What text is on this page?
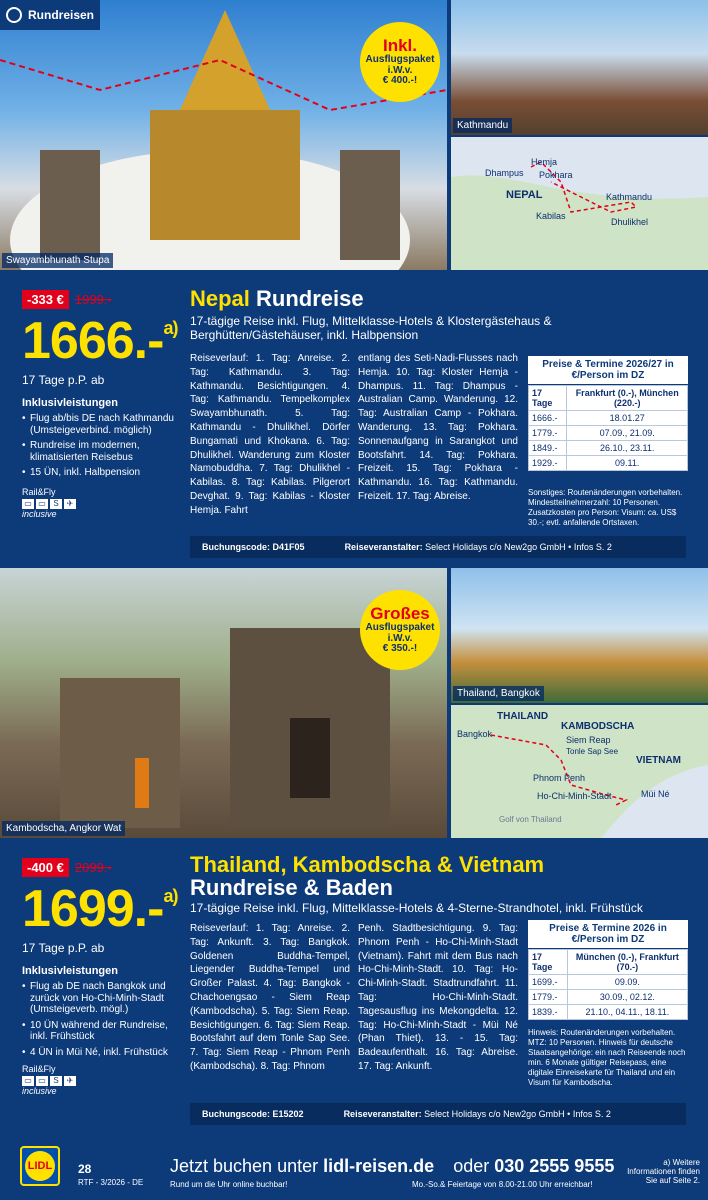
Rundreisen
Swayambhunath Stupa
Inkl.
Ausflugspaket
i.W.v.
€ 400.-!
Kathmandu
Hemja
Dhampus Pokhara
NEPAL	Kathmandu
Kabilas
Dhulikhel
-333 € 1999.-
1666.-$^{a)}$
17 Tage p.P. ab
Inklusivleistungen
• Flug ab/bis DE nach Kathmandu (Umsteigeverbind. möglich)
• Rundreise im modernen, klimatisierten Reisebus
• 15 ÜN, inkl. Halbpension
Rail&Fly
▭ ▭ S ✈
inclusive
Nepal Rundreise
17-tägige Reise inkl. Flug, Mittelklasse-Hotels & Klostergästehaus & Berghütten/Gästehäuser, inkl. Halbpension
Reiseverlauf: 1. Tag: Anreise. 2. Tag: Kathmandu. 3. Tag: Kathmandu. Besichtigungen. 4. Tag: Kathmandu. Tempelkomplex Swayambhunath. 5. Tag: Kathmandu - Dhulikhel. Dörfer Bungamati und Khokana. 6. Tag: Dhulikhel. Wanderung zum Kloster Namobuddha. 7. Tag: Dhulikhel - Kabilas. 8. Tag: Kabilas. Pilgerort Devghat. 9. Tag: Kabilas - Kloster Hemja. Fahrt
entlang des Seti-Nadi-Flusses nach Hemja. 10. Tag: Kloster Hemja - Dhampus. 11. Tag: Dhampus - Australian Camp. Wanderung. 12. Tag: Australian Camp - Pokhara. Wanderung. 13. Tag: Pokhara. Sonnenaufgang in Sarangkot und Bootsfahrt. 14. Tag: Pokhara. Freizeit. 15. Tag: Pokhara - Kathmandu. 16. Tag: Kathmandu. Freizeit. 17. Tag: Abreise.
Preise & Termine 2026/27 in €/Person im DZ
17 Tage	Frankfurt (0.-), München (220.-)
1666.-	18.01.27
1779.-	07.09., 21.09.
1849.-	26.10., 23.11.
1929.-	09.11.
Sonstiges: Routenänderungen vorbehalten. Mindestteilnehmerzahl: 10 Personen. Zusatzkosten pro Person: Visum: ca. US$ 30.-; evtl. anfallende Ortstaxen.
Buchungscode: D41F05	Reiseveranstalter: Select Holidays c/o New2go GmbH • Infos S. 2
Kambodscha, Angkor Wat
Großes
Ausflugspaket
i.W.v.
€ 350.-!
Thailand, Bangkok
THAILAND
Bangkok
KAMBODSCHA
Siem Reap
Tonle Sap See
VIETNAM
Phnom Penh
Ho-Chi-Minh-Stadt	Müi Né
Golf von Thailand
-400 € 2099.-
1699.-$^{a)}$
17 Tage p.P. ab
Inklusivleistungen
• Flug ab DE nach Bangkok und zurück von Ho-Chi-Minh-Stadt (Umsteigeverb. mögl.)
• 10 ÜN während der Rundreise, inkl. Frühstück
• 4 ÜN in Müi Né, inkl. Frühstück
Rail&Fly
▭ ▭ S ✈
inclusive
Thailand, Kambodscha & Vietnam
Rundreise & Baden
17-tägige Reise inkl. Flug, Mittelklasse-Hotels & 4-Sterne-Strandhotel, inkl. Frühstück
Reiseverlauf: 1. Tag: Anreise. 2. Tag: Ankunft. 3. Tag: Bangkok. Goldenen Buddha-Tempel, Liegender Buddha-Tempel und Großer Palast. 4. Tag: Bangkok - Chachoengsao - Siem Reap (Kambodscha). 5. Tag: Siem Reap. Besichtigungen. 6. Tag: Siem Reap. Bootsfahrt auf dem Tonle Sap See. 7. Tag: Siem Reap - Phnom Penh (Kambodscha). 8. Tag: Phnom
Penh. Stadtbesichtigung. 9. Tag: Phnom Penh - Ho-Chi-Minh-Stadt (Vietnam). Fahrt mit dem Bus nach Ho-Chi-Minh-Stadt. 10. Tag: Ho-Chi-Minh-Stadt. Stadtrundfahrt. 11. Tag: Ho-Chi-Minh-Stadt. Tagesausflug ins Mekongdelta. 12. Tag: Ho-Chi-Minh-Stadt - Müi Né (Phan Thiet). 13. - 15. Tag: Badeaufenthalt. 16. Tag: Abreise. 17. Tag: Ankunft.
Preise & Termine 2026 in €/Person im DZ
17 Tage	München (0.-), Frankfurt (70.-)
1699.-	09.09.
1779.-	30.09., 02.12.
1839.-	21.10., 04.11., 18.11.
Hinweis: Routenänderungen vorbehalten. MTZ: 10 Personen. Hinweis für deutsche Staatsangehörige: ein nach Reiseende noch min. 6 Monate gültiger Reisepass, eine digitale Einreisekarte für Thailand und ein Visum für Kambodscha.
Buchungscode: E15202	Reiseveranstalter: Select Holidays c/o New2go GmbH • Infos S. 2
LIDL 28
RTF - 3/2026 - DE
Jetzt buchen unter lidl-reisen.de oder 030 2555 9555
Rund um die Uhr online buchbar!	Mo.-So.& Feiertage von 8.00-21.00 Uhr erreichbar!
a) Weitere Informationen finden Sie auf Seite 2.
